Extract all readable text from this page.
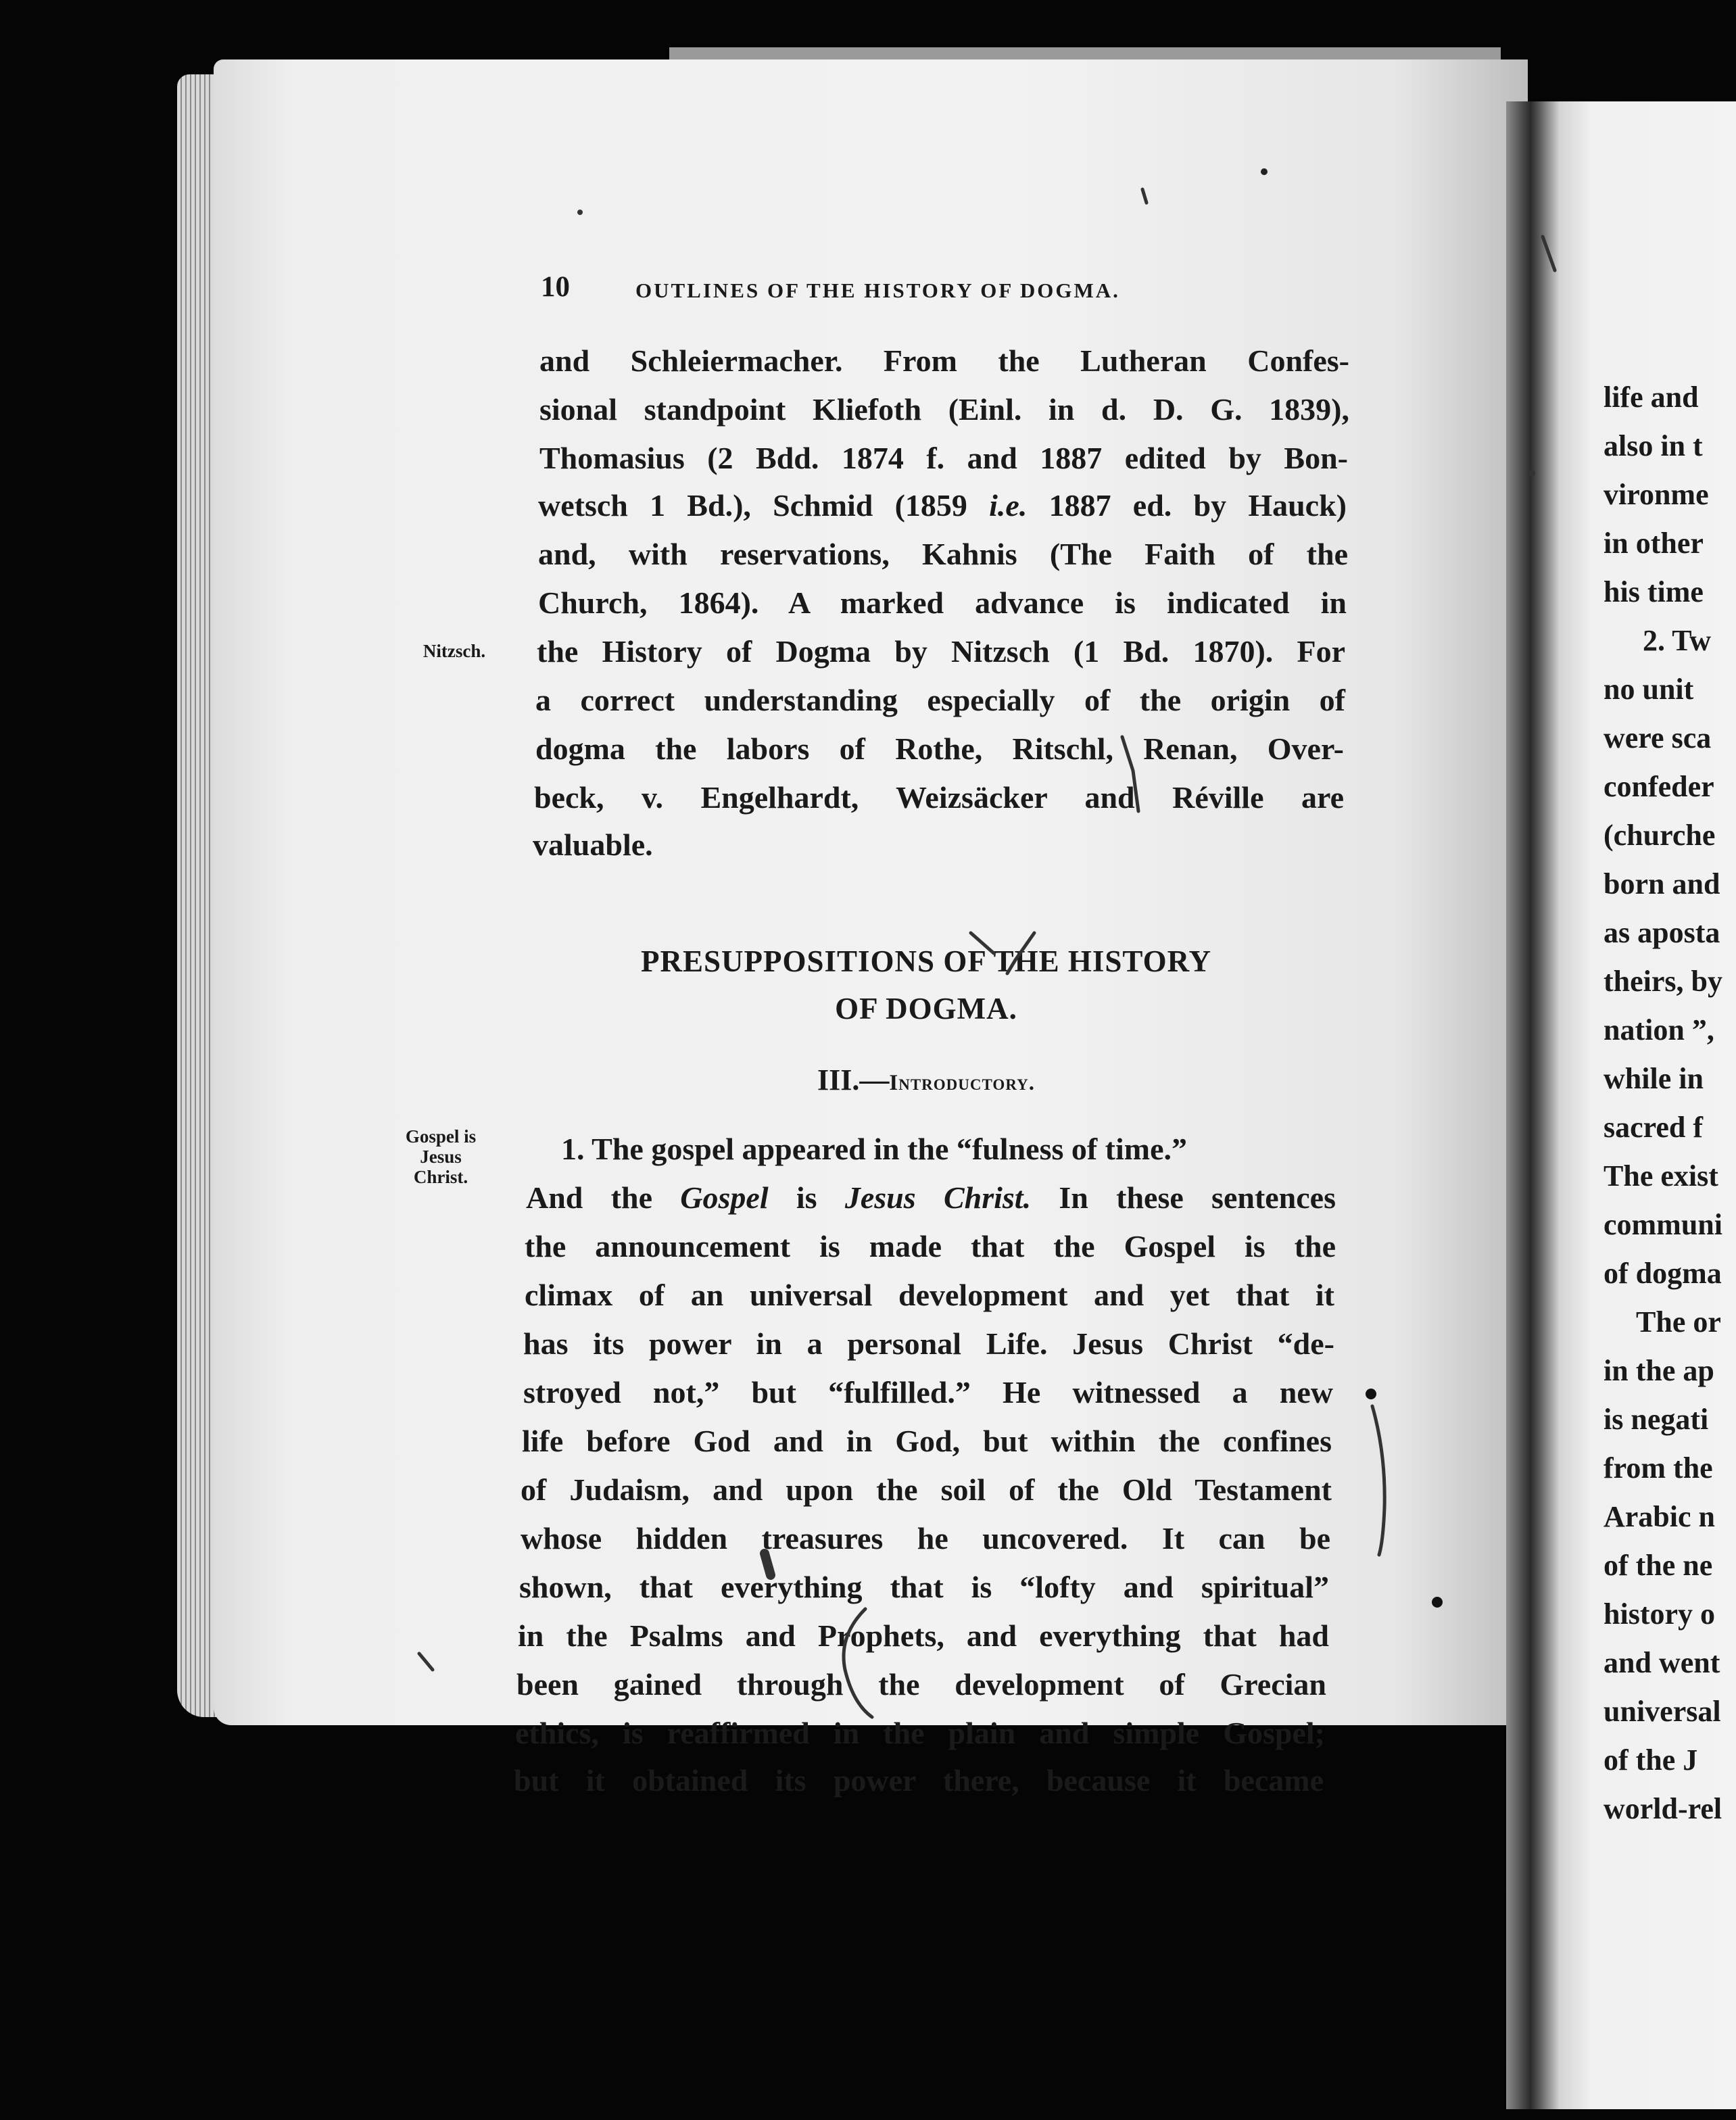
10	OUTLINES OF THE HISTORY OF DOGMA.
and Schleiermacher. From the Lutheran Confes-
sional standpoint Kliefoth (Einl. in d. D. G. 1839),
Thomasius (2 Bdd. 1874 f. and 1887 edited by Bon-
wetsch 1 Bd.), Schmid (1859 i.e. 1887 ed. by Hauck)
and, with reservations, Kahnis (The Faith of the
Church, 1864). A marked advance is indicated in
the History of Dogma by Nitzsch (1 Bd. 1870). For
a correct understanding especially of the origin of
dogma the labors of Rothe, Ritschl, Renan, Over-
beck, v. Engelhardt, Weizsäcker and Réville are
valuable.
Nitzsch.
PRESUPPOSITIONS OF THE HISTORY
OF DOGMA.
III.—Introductory.
Gospel is
Jesus
Christ.
1. The gospel appeared in the “fulness of time.”
And the Gospel is Jesus Christ. In these sentences
the announcement is made that the Gospel is the
climax of an universal development and yet that it
has its power in a personal Life. Jesus Christ “de-
stroyed not,” but “fulfilled.” He witnessed a new
life before God and in God, but within the confines
of Judaism, and upon the soil of the Old Testament
whose hidden treasures he uncovered. It can be
shown, that everything that is “lofty and spiritual”
in the Psalms and Prophets, and everything that had
been gained through the development of Grecian
ethics, is reaffirmed in the plain and simple Gospel;
but it obtained its power there, because it became
life and
also in t
vironme
in other
his time
2. Tw
no unit
were sca
confeder
(churche
born and
as aposta
theirs, by
nation ”,
while in
sacred f
The exist
communi
of dogma
The or
in the ap
is negati
from the
Arabic n
of the ne
history o
and went
universal
of the J
world-rel
